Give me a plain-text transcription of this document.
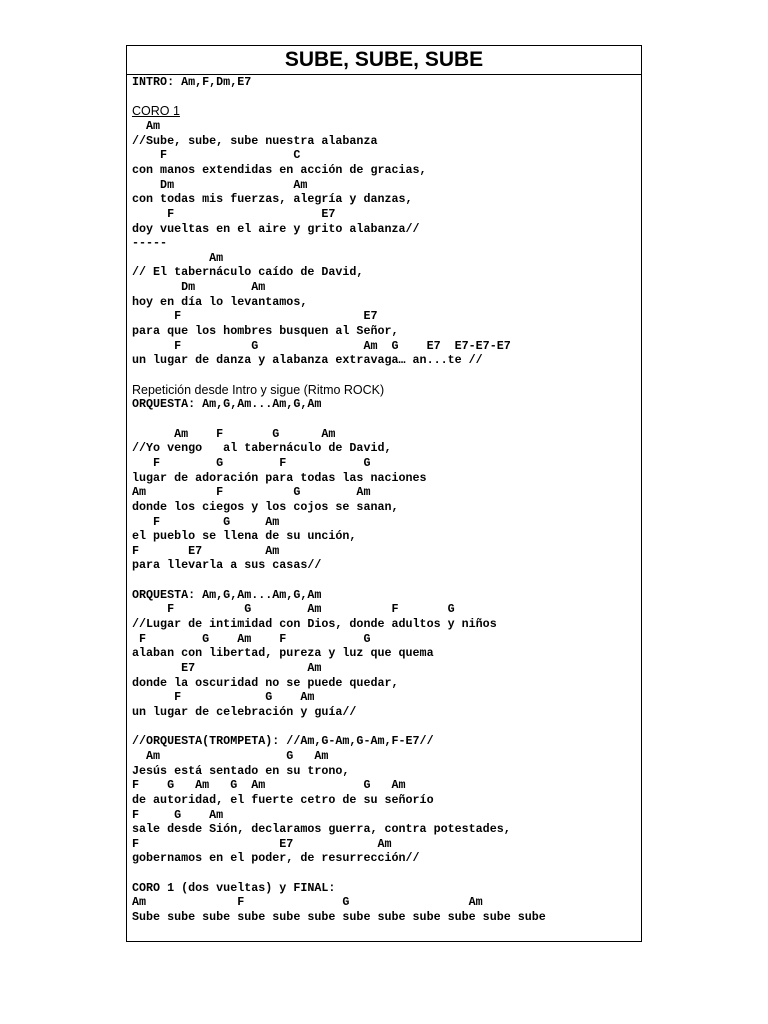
SUBE, SUBE, SUBE
INTRO: Am,F,Dm,E7
CORO 1
Am
//Sube, sube, sube nuestra alabanza
F                  C
con manos extendidas en acción de gracias,
Dm                 Am
con todas mis fuerzas, alegría y danzas,
F                     E7
doy vueltas en el aire y grito alabanza//
-----
Am
// El tabernáculo caído de David,
Dm        Am
hoy en día lo levantamos,
F                          E7
para que los hombres busquen al Señor,
F          G               Am  G    E7  E7-E7-E7
un lugar de danza y alabanza extravaga… an...te //
Repetición desde Intro y sigue (Ritmo ROCK)
ORQUESTA: Am,G,Am...Am,G,Am
Am    F       G      Am
//Yo vengo   al tabernáculo de David,
F        G        F           G
lugar de adoración para todas las naciones
Am          F          G        Am
donde los ciegos y los cojos se sanan,
F         G     Am
el pueblo se llena de su unción,
F       E7         Am
para llevarla a sus casas//
ORQUESTA: Am,G,Am...Am,G,Am
F          G        Am          F       G
//Lugar de intimidad con Dios, donde adultos y niños
F        G    Am    F           G
alaban con libertad, pureza y luz que quema
E7                Am
donde la oscuridad no se puede quedar,
F            G    Am
un lugar de celebración y guía//
//ORQUESTA(TROMPETA): //Am,G-Am,G-Am,F-E7//
Am                  G   Am
Jesús está sentado en su trono,
F    G   Am   G  Am              G   Am
de autoridad, el fuerte cetro de su señorío
F     G    Am
sale desde Sión, declaramos guerra, contra potestades,
F                    E7            Am
gobernamos en el poder, de resurrección//
CORO 1 (dos vueltas) y FINAL:
Am             F              G                 Am
Sube sube sube sube sube sube sube sube sube sube sube sube
